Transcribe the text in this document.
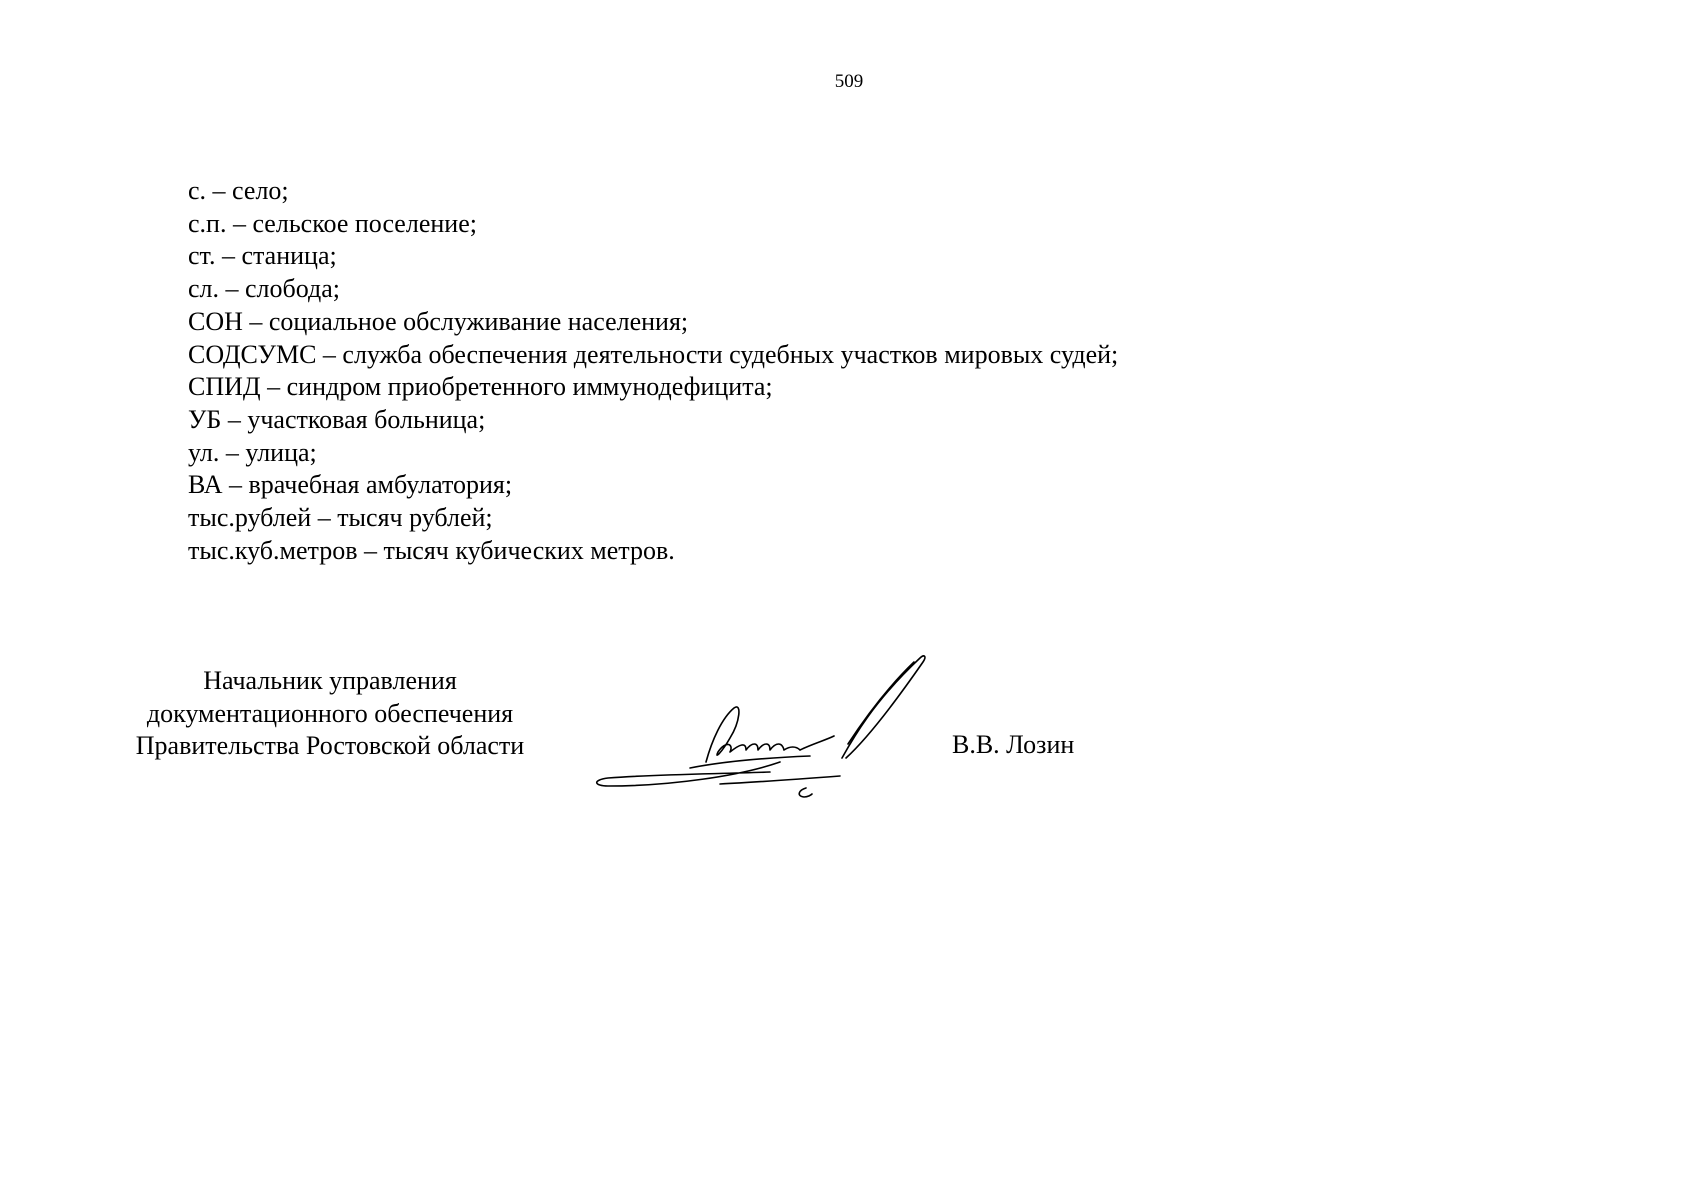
509
с. – село;
с.п. – сельское поселение;
ст. – станица;
сл. – слобода;
СОН – социальное обслуживание населения;
СОДСУМС – служба обеспечения деятельности судебных участков мировых судей;
СПИД – синдром приобретенного иммунодефицита;
УБ – участковая больница;
ул. – улица;
ВА – врачебная амбулатория;
тыс.рублей – тысяч рублей;
тыс.куб.метров – тысяч кубических метров.
Начальник управления
документационного обеспечения
Правительства Ростовской области	В.В. Лозин
